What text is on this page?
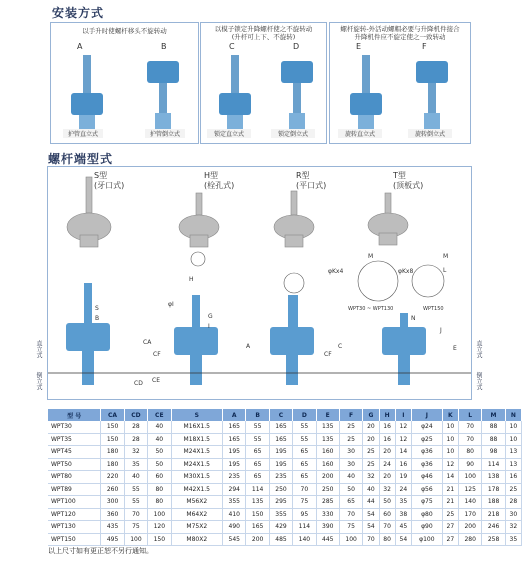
安装方式
以手升时使螺杆移头不旋转动
A	B
护管直立式	护管倒立式
以模子锁定升降螺杆使之不旋转动
(升杆可上下、不旋转)
C	D
锁定直立式	锁定倒立式
螺杆旋转-外活动螺帽必要与升降机件接合
升降机件应不旋定使之一致转动
E	F
旋转直立式	旋转倒立式
螺杆端型式
S型
(牙口式)
H型
(栓孔式)
R型
(平口式)
T型
(顶板式)
S
B
CA
CF
CD CE
H
φI
G
I
A
CF
C
φKx4	φKx8
WPT30 ~ WPT130	WPT150
M	M
L
N
E
J
直立式
倒立式
直立式
倒立式
型 号	CA	CD	CE	S	A	B	C	D	E	F	G	H	I	J	K	L	M	N
WPT30	150	28	40	M16X1.5	165	55	165	55	135	25	20	16	12	φ24	10	70	88	10
WPT35	150	28	40	M18X1.5	165	55	165	55	135	25	20	16	12	φ25	10	70	88	10
WPT45	180	32	50	M24X1.5	195	65	195	65	160	30	25	20	14	φ36	10	80	98	13
WPT50	180	35	50	M24X1.5	195	65	195	65	160	30	25	24	16	φ36	12	90	114	13
WPT80	220	40	60	M30X1.5	235	65	235	65	200	40	32	20	19	φ46	14	100	138	16
WPT89	260	55	80	M42X1.5	294	114	250	70	250	50	40	32	24	φ56	21	125	178	25
WPT100	300	55	80	M56X2	355	135	295	75	285	65	44	50	35	φ75	21	140	188	28
WPT120	360	70	100	M64X2	410	150	355	95	330	70	54	60	38	φ80	25	170	218	30
WPT130	435	75	120	M75X2	490	165	429	114	390	75	54	70	45	φ90	27	200	246	32
WPT150	495	100	150	M80X2	545	200	485	140	445	100	70	80	54	φ100	27	280	258	35
以上尺寸如有更正恕不另行通知。
